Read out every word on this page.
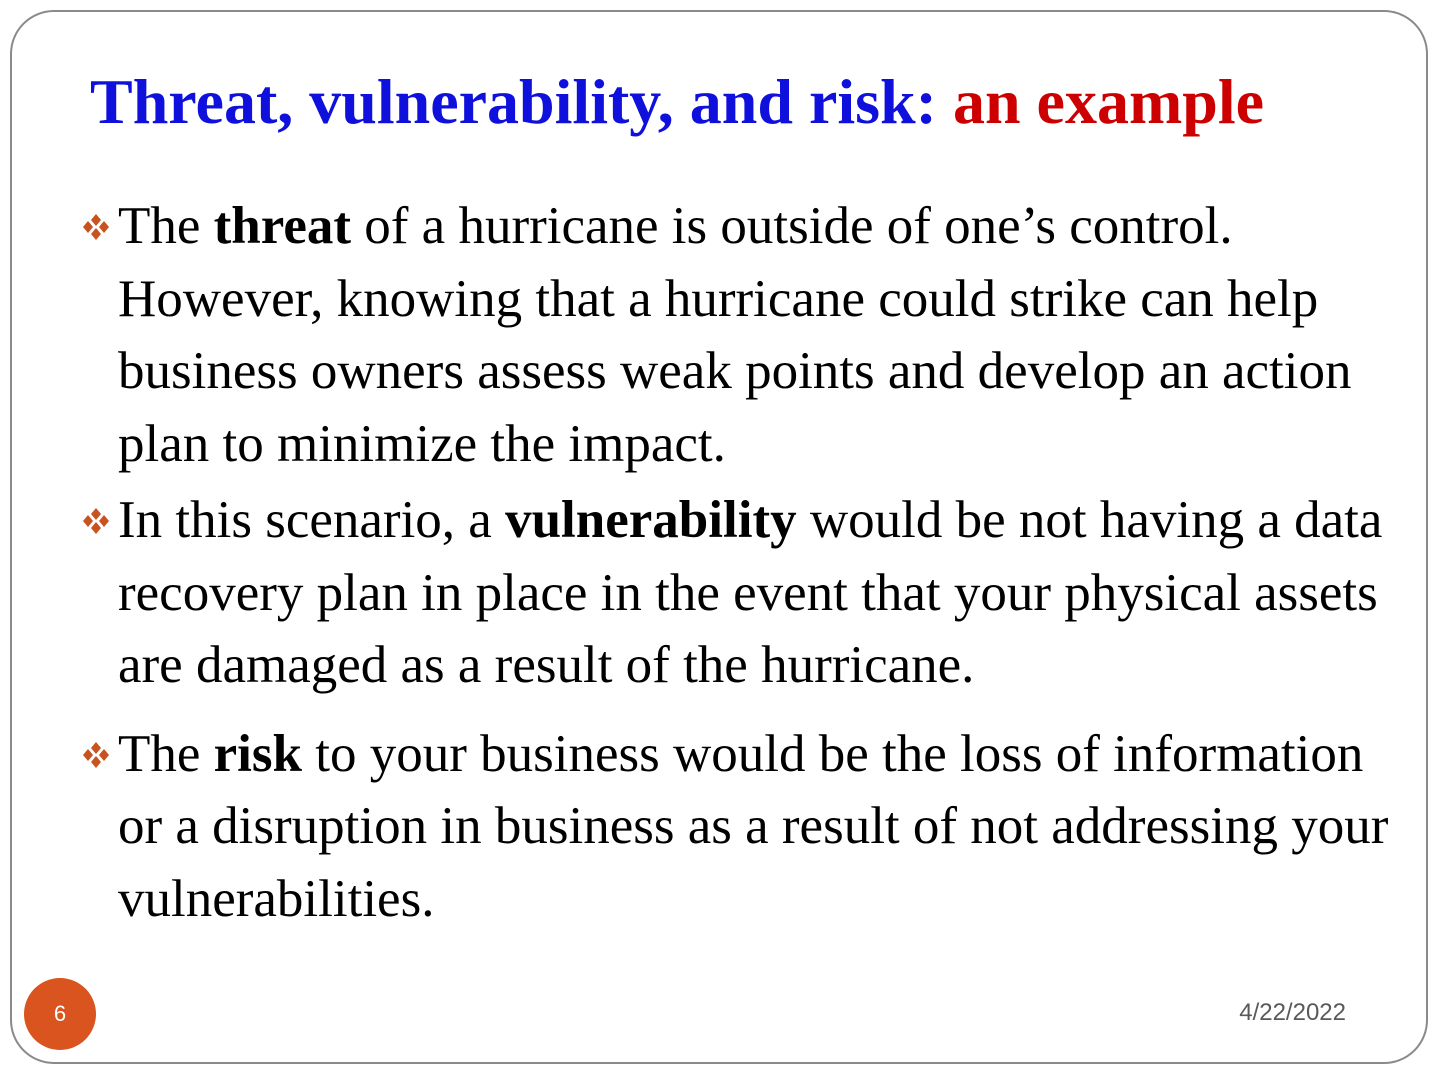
Threat, vulnerability, and risk: an example
The threat of a hurricane is outside of one’s control. However, knowing that a hurricane could strike can help business owners assess weak points and develop an action plan to minimize the impact.
In this scenario, a vulnerability would be not having a data recovery plan in place in the event that your physical assets are damaged as a result of the hurricane.
The risk to your business would be the loss of information or a disruption in business as a result of not addressing your vulnerabilities.
6	4/22/2022
